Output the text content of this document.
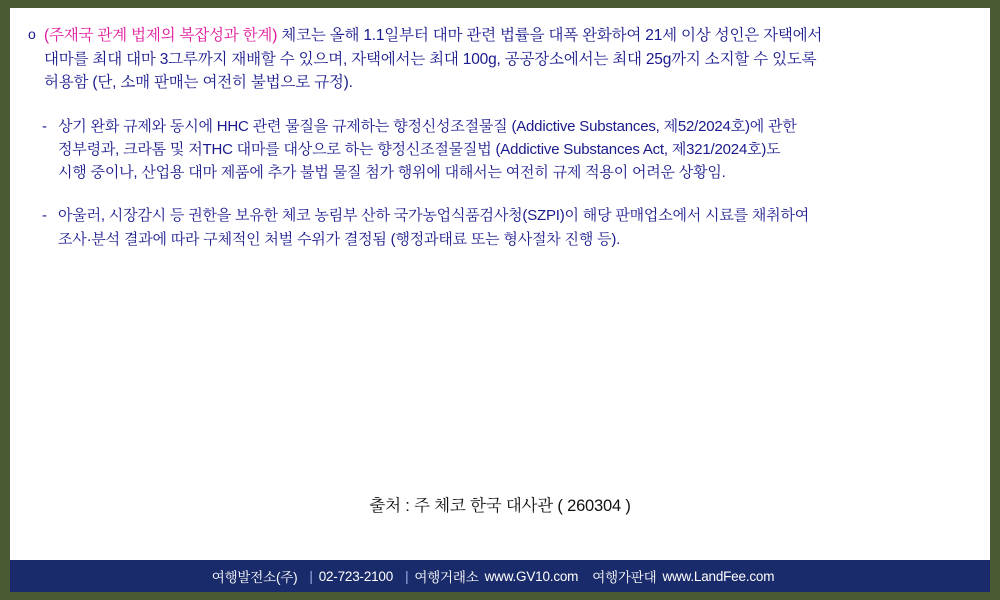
o (주재국 관계 법제의 복잡성과 한계) 체코는 올해 1.1일부터 대마 관련 법률을 대폭 완화하여 21세 이상 성인은 자택에서
대마를 최대 대마 3그루까지 재배할 수 있으며, 자택에서는 최대 100g, 공공장소에서는 최대 25g까지 소지할 수 있도록
허용함 (단, 소매 판매는 여전히 불법으로 규정).
- 상기 완화 규제와 동시에 HHC 관련 물질을 규제하는 향정신성조절물질 (Addictive Substances, 제52/2024호)에 관한
정부령과, 크라톰 및 저THC 대마를 대상으로 하는 향정신조절물질법 (Addictive Substances Act, 제321/2024호)도
시행 중이나, 산업용 대마 제품에 추가 불법 물질 첨가 행위에 대해서는 여전히 규제 적용이 어려운 상황임.
- 아울러, 시장감시 등 권한을 보유한 체코 농림부 산하 국가농업식품검사청(SZPI)이 해당 판매업소에서 시료를 채취하여
조사·분석 결과에 따라 구체적인 처벌 수위가 결정됨 (행정과태료 또는 형사절차 진행 등).
출처 : 주 체코 한국 대사관 ( 260304 )
여행발전소(주) | 02-723-2100 | 여행거래소 www.GV10.com	여행가판대 www.LandFee.com
